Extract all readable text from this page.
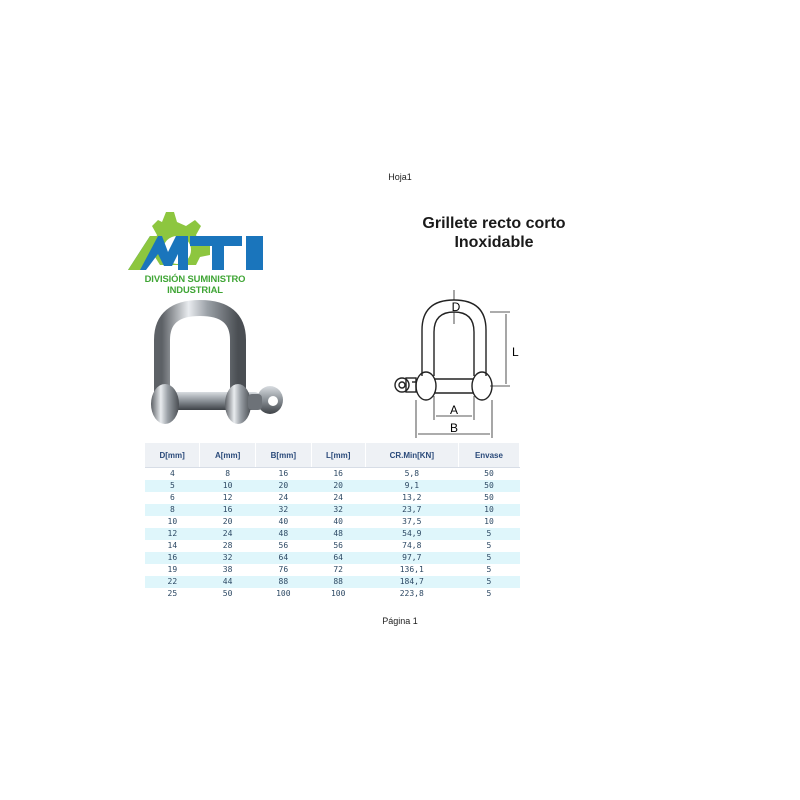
Hoja1
DIVISIÓN SUMINISTRO INDUSTRIAL
Grillete recto corto
Inoxidable
D
L
A
B
D[mm]	A[mm]	B[mm]	L[mm]	CR.Min[KN]	Envase
4	8	16	16	5,8	50
5	10	20	20	9,1	50
6	12	24	24	13,2	50
8	16	32	32	23,7	10
10	20	40	40	37,5	10
12	24	48	48	54,9	5
14	28	56	56	74,8	5
16	32	64	64	97,7	5
19	38	76	72	136,1	5
22	44	88	88	184,7	5
25	50	100	100	223,8	5
Página 1
